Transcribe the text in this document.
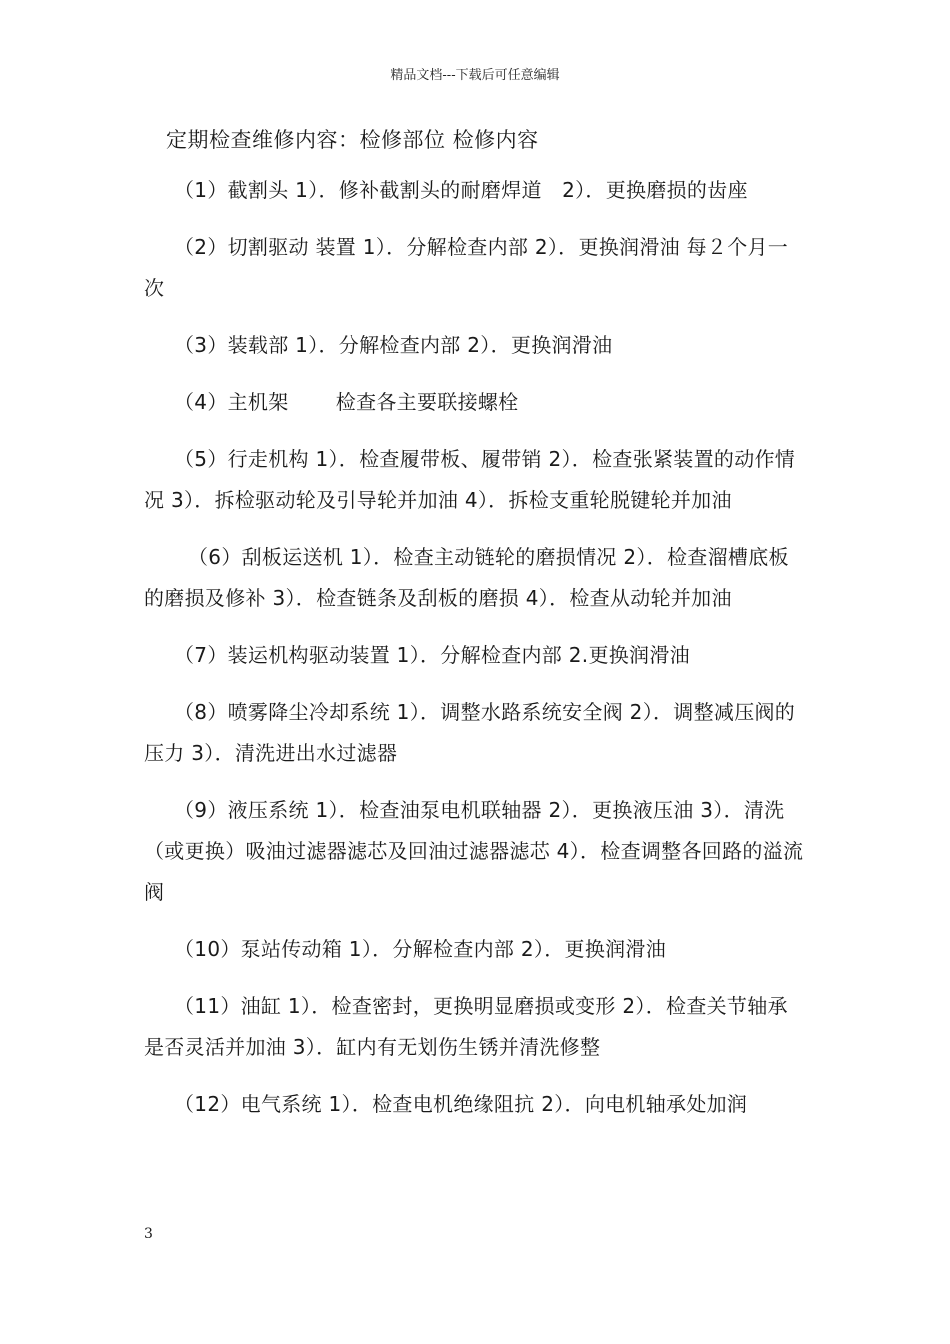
精品文档---下载后可任意编辑
定期检查维修内容：检修部位 检修内容

（1）截割头 1）．修补截割头的耐磨焊道　2）．更换磨损的齿座

（2）切割驱动 装置 1）．分解检查内部 2）．更换润滑油 每２个月一次

（3）装载部 1）．分解检查内部 2）．更换润滑油

（4）主机架　　 检查各主要联接螺栓

（5）行走机构 1）．检查履带板、履带销 2）．检查张紧装置的动作情况 3）．拆检驱动轮及引导轮并加油 4）．拆检支重轮脱键轮并加油

（6）刮板运送机 1）．检查主动链轮的磨损情况 2）．检查溜槽底板的磨损及修补 3）．检查链条及刮板的磨损 4）．检查从动轮并加油

（7）装运机构驱动装置 1）．分解检查内部 2.更换润滑油

（8）喷雾降尘冷却系统 1）．调整水路系统安全阀 2）．调整减压阀的压力 3）．清洗进出水过滤器

（9）液压系统 1）．检查油泵电机联轴器 2）．更换液压油 3）．清洗（或更换）吸油过滤器滤芯及回油过滤器滤芯 4）．检查调整各回路的溢流阀

（10）泵站传动箱 1）．分解检查内部 2）．更换润滑油

（11）油缸 1）．检查密封，更换明显磨损或变形 2）．检查关节轴承是否灵活并加油 3）．缸内有无划伤生锈并清洗修整

（12）电气系统 1）．检查电机绝缘阻抗 2）．向电机轴承处加润

3
